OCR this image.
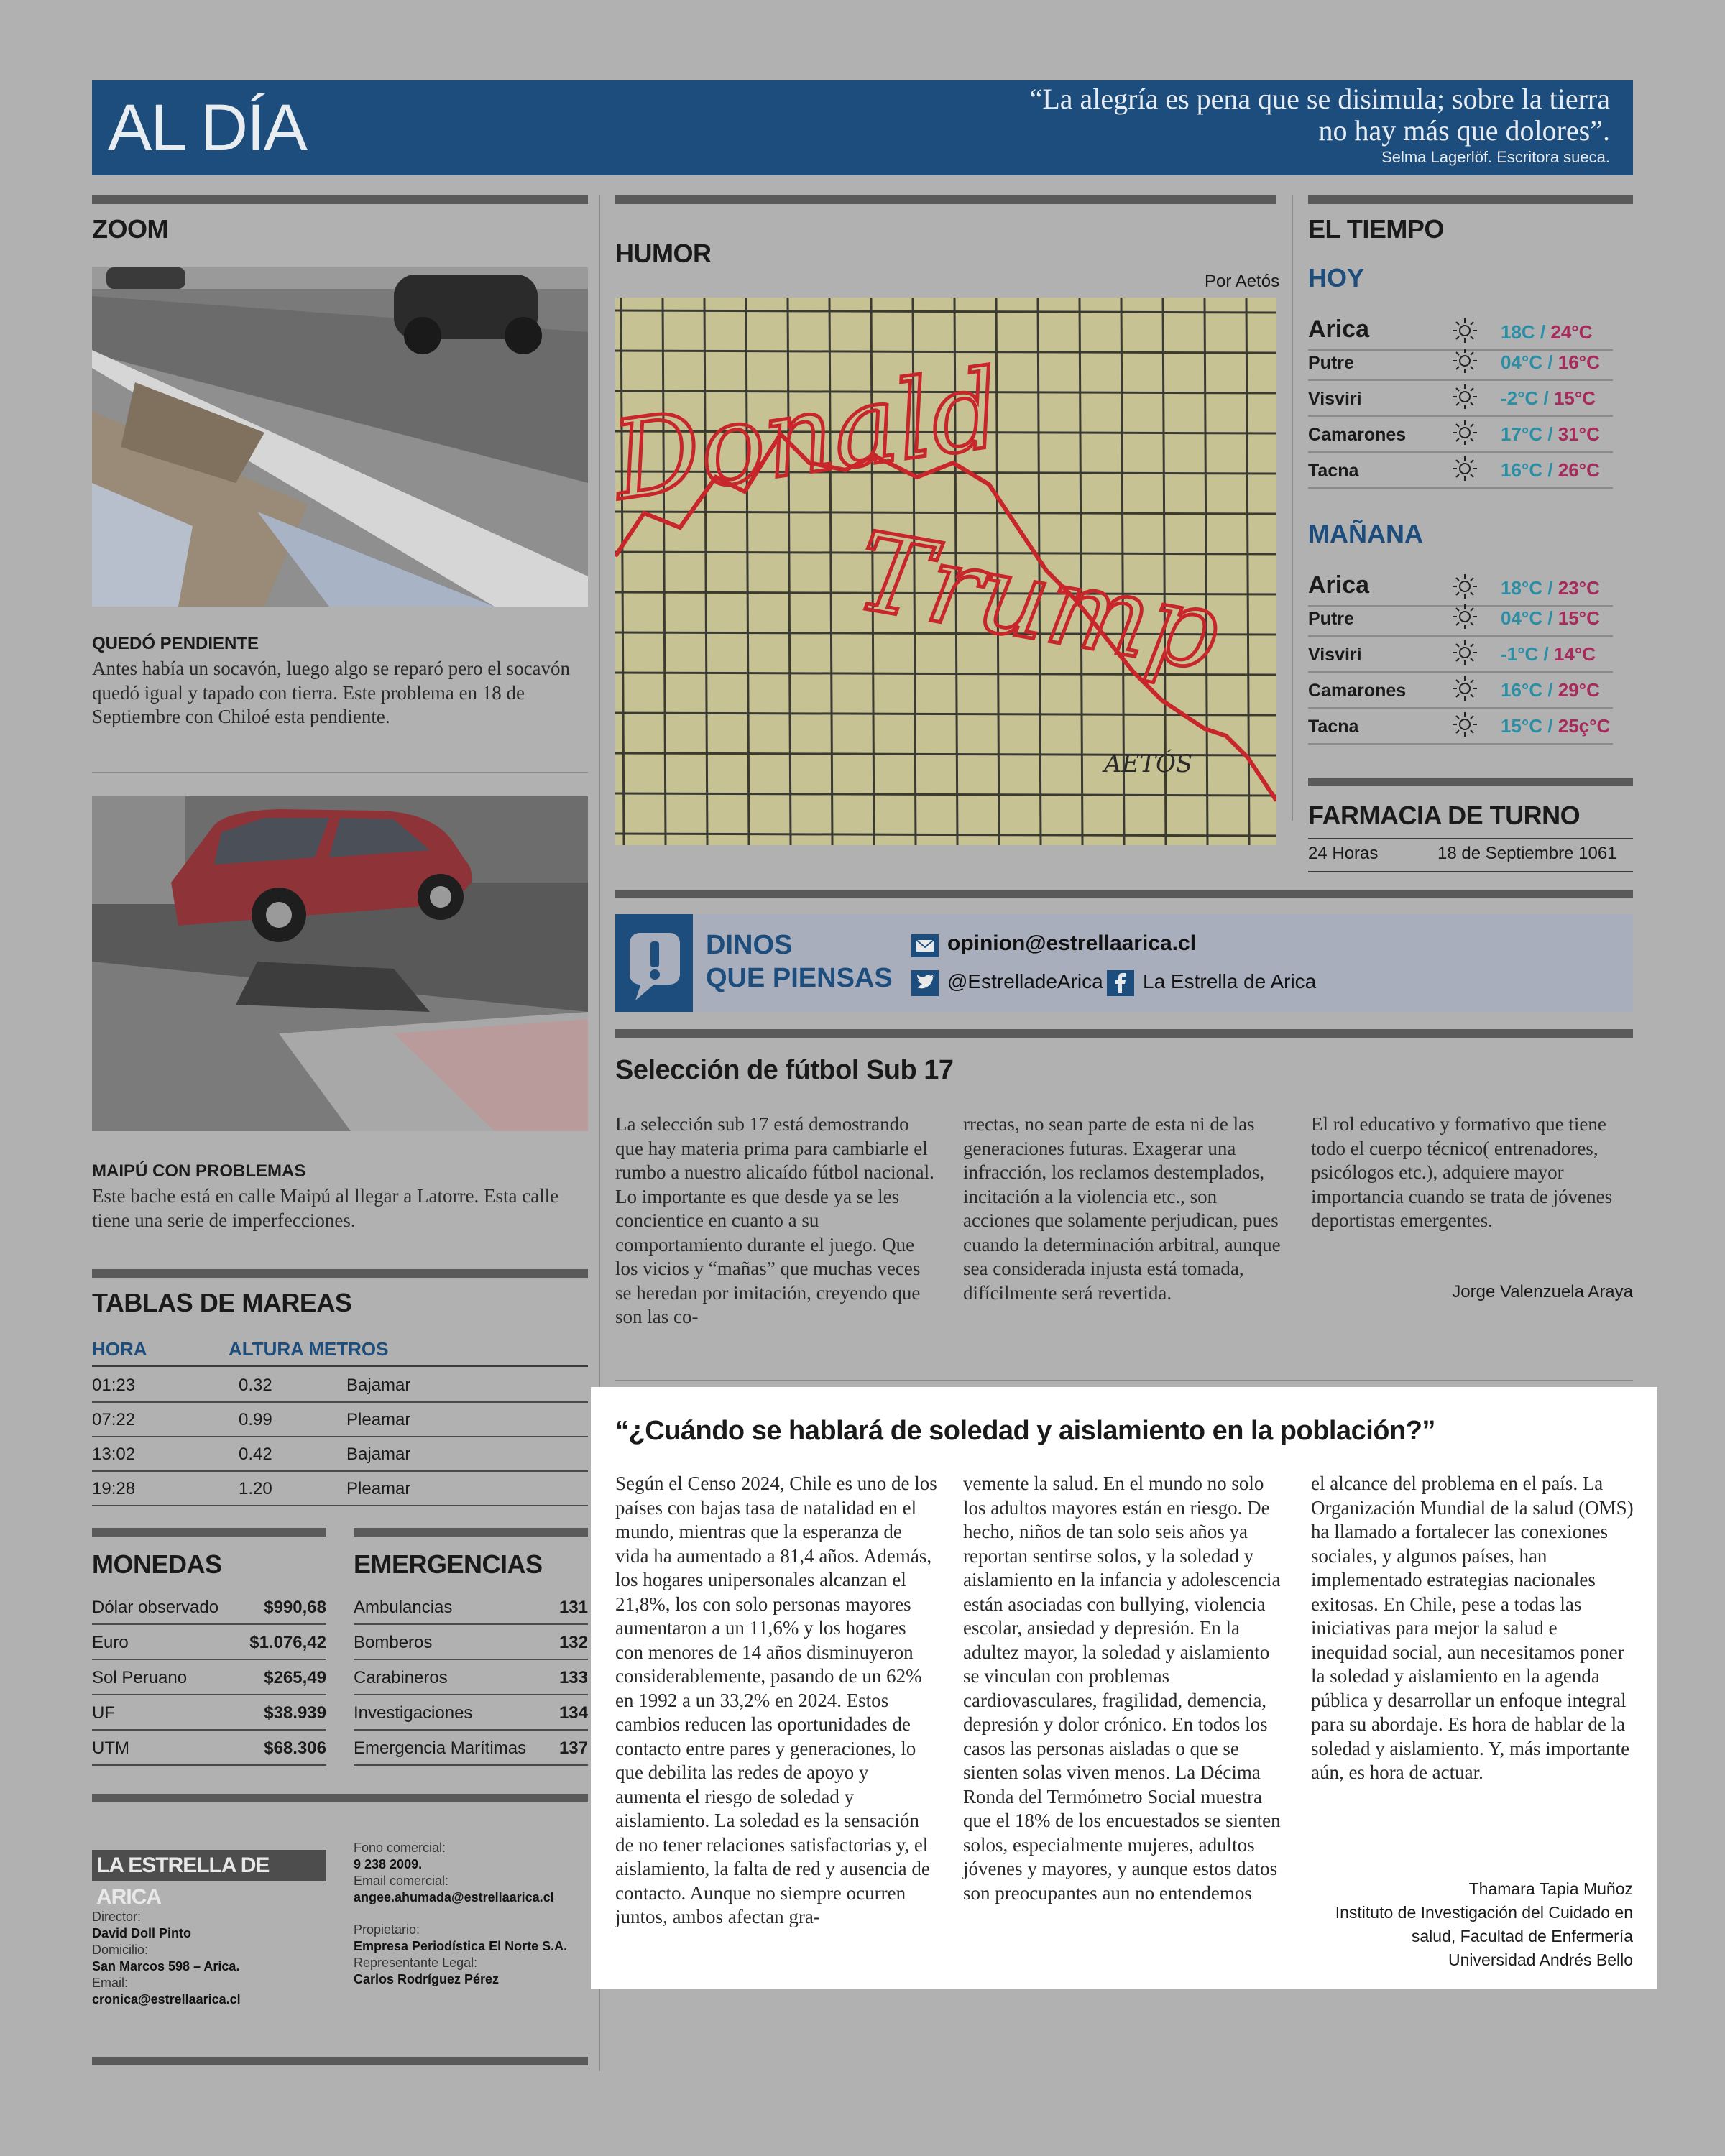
AL DÍA	“La alegría es pena que se disimula; sobre la tierra
no hay más que dolores”.
Selma Lagerlöf. Escritora sueca.
ZOOM
QUEDÓ PENDIENTE

Antes había un socavón, luego algo se reparó pero el socavón quedó igual y tapado con tierra. Este problema en 18 de Septiembre con Chiloé esta pendiente.

MAIPÚ CON PROBLEMAS

Este bache está en calle Maipú al llegar a Latorre. Esta calle tiene una serie de imperfecciones.

TABLAS DE MAREAS
HORA	ALTURA METROS
01:23	0.32	Bajamar
07:22	0.99	Pleamar
13:02	0.42	Bajamar
19:28	1.20	Pleamar
MONEDAS
Dólar observado	$990,68
Euro	$1.076,42
Sol Peruano	$265,49
UF	$38.939
UTM	$68.306
EMERGENCIAS
Ambulancias	131
Bomberos	132
Carabineros	133
Investigaciones	134
Emergencia Marítimas 137
LA ESTRELLA DE ARICA
Director:
David Doll Pinto
Domicilio:
San Marcos 598 – Arica.
Email:
cronica@estrellaarica.cl
Fono comercial:
9 238 2009.
Email comercial:
angee.ahumada@estrellaarica.cl
Propietario:
Empresa Periodística El Norte S.A.
Representante Legal:
Carlos Rodríguez Pérez
HUMOR
Por Aetós
Donald
Trump
AETÓS
EL TIEMPO
HOY
Arica	18C / 24°C
Putre	04°C / 16°C
Visviri	-2°C / 15°C
Camarones	17°C / 31°C
Tacna	16°C / 26°C
MAÑANA
Arica	18°C / 23°C
Putre	04°C / 15°C
Visviri	-1°C / 14°C
Camarones	16°C / 29°C
Tacna	15°C / 25ç°C
FARMACIA DE TURNO
24 Horas	18 de Septiembre 1061
DINOS
QUE PIENSAS
opinion@estrellaarica.cl
@EstrelladeArica La Estrella de Arica
Selección de fútbol Sub 17

La selección sub 17 está demostrando que hay materia prima para cambiarle el rumbo a nuestro alicaído fútbol nacional. Lo importante es que desde ya se les concientice en cuanto a su comportamiento durante el juego. Que los vicios y “mañas” que muchas veces se heredan por imitación, creyendo que son las co-

rrectas, no sean parte de esta ni de las generaciones futuras. Exagerar una infracción, los reclamos destemplados, incitación a la violencia etc., son acciones que solamente perjudican, pues cuando la determinación arbitral, aunque sea considerada injusta está tomada, difícilmente será revertida.

El rol educativo y formativo que tiene todo el cuerpo técnico( entrenadores, psicólogos etc.), adquiere mayor importancia cuando se trata de jóvenes deportistas emergentes.

Jorge Valenzuela Araya
“¿Cuándo se hablará de soledad y aislamiento en la población?”

Según el Censo 2024, Chile es uno de los países con bajas tasa de natalidad en el mundo, mientras que la esperanza de vida ha aumentado a 81,4 años. Además, los hogares unipersonales alcanzan el 21,8%, los con solo personas mayores aumentaron a un 11,6% y los hogares con menores de 14 años disminuyeron considerablemente, pasando de un 62% en 1992 a un 33,2% en 2024. Estos cambios reducen las oportunidades de contacto entre pares y generaciones, lo que debilita las redes de apoyo y aumenta el riesgo de soledad y aislamiento. La soledad es la sensación de no tener relaciones satisfactorias y, el aislamiento, la falta de red y ausencia de contacto. Aunque no siempre ocurren juntos, ambos afectan gra-

vemente la salud. En el mundo no solo los adultos mayores están en riesgo. De hecho, niños de tan solo seis años ya reportan sentirse solos, y la soledad y aislamiento en la infancia y adolescencia están asociadas con bullying, violencia escolar, ansiedad y depresión. En la adultez mayor, la soledad y aislamiento se vinculan con problemas cardiovasculares, fragilidad, demencia, depresión y dolor crónico. En todos los casos las personas aisladas o que se sienten solas viven menos. La Décima Ronda del Termómetro Social muestra que el 18% de los encuestados se sienten solos, especialmente mujeres, adultos jóvenes y mayores, y aunque estos datos son preocupantes aun no entendemos

el alcance del problema en el país. La Organización Mundial de la salud (OMS) ha llamado a fortalecer las conexiones sociales, y algunos países, han implementado estrategias nacionales exitosas. En Chile, pese a todas las iniciativas para mejor la salud e inequidad social, aun necesitamos poner la soledad y aislamiento en la agenda pública y desarrollar un enfoque integral para su abordaje. Es hora de hablar de la soledad y aislamiento. Y, más importante aún, es hora de actuar.

Thamara Tapia Muñoz
Instituto de Investigación del Cuidado en
salud, Facultad de Enfermería
Universidad Andrés Bello
